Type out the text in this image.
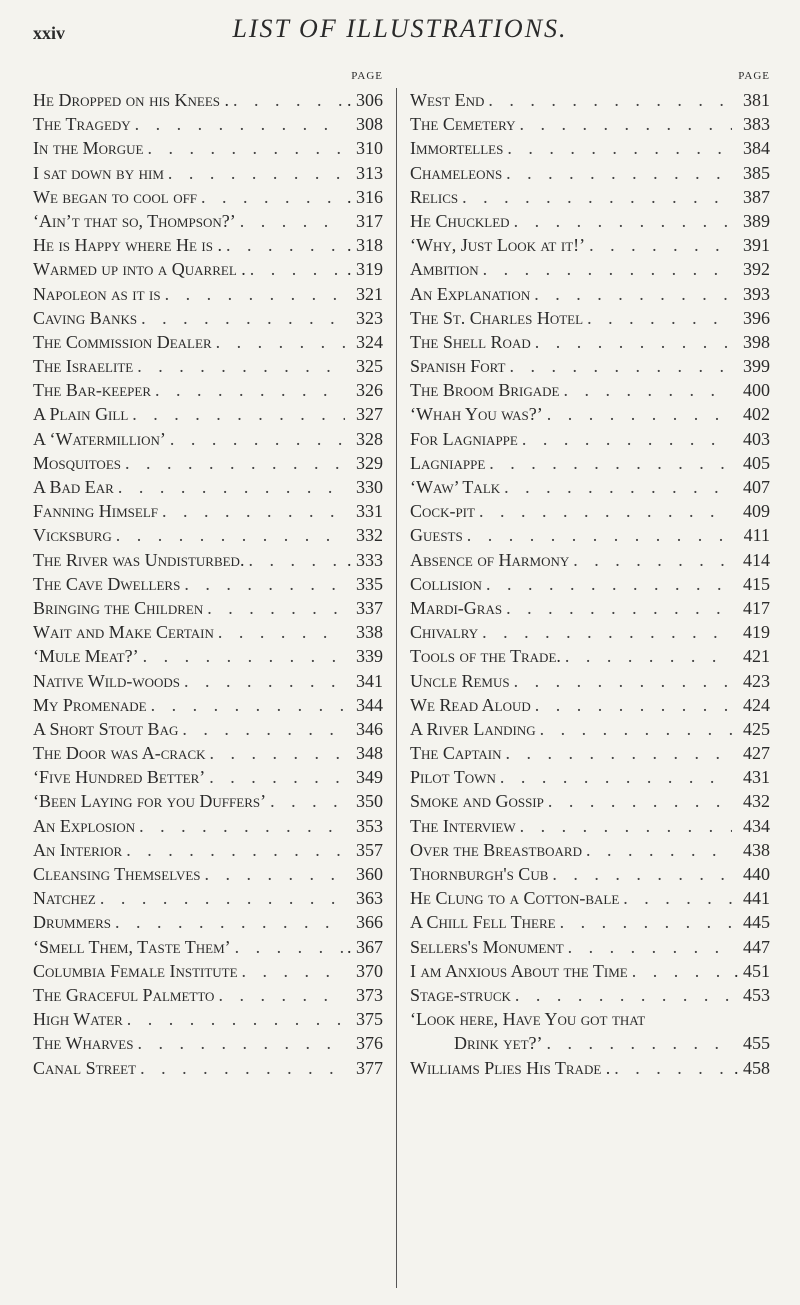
xxiv	LIST OF ILLUSTRATIONS.
PAGE
He Dropped on his Knees . . . .	. 306
The Tragedy . . .	308
In the Morgue . . .	310
I sat down by him . . .	313
We began to cool off . . .	. 316
‘Ain’t that so, Thompson?’ . . .	317
He is Happy where He is . . . .	. 318
Warmed up into a Quarrel . . . .	. 319
Napoleon as it is . . .	321
Caving Banks . . .	323
The Commission Dealer . . .	324
The Israelite . . .	325
The Bar-keeper . . .	326
A Plain Gill . . .	327
A ‘Watermillion’ . . .	328
Mosquitoes . . .	329
A Bad Ear . . .	330
Fanning Himself . . .	331
Vicksburg . . .	332
The River was Undisturbed. . . .	. 333
The Cave Dwellers . . .	335
Bringing the Children . . .	337
Wait and Make Certain . . .	338
‘Mule Meat?’ . . .	339
Native Wild-woods . . .	341
My Promenade . . .	344
A Short Stout Bag . . .	346
The Door was A-crack . . .	348
‘Five Hundred Better’ . . .	349
‘Been Laying for you Duffers’ . . .	350
An Explosion . . .	353
An Interior . . .	357
Cleansing Themselves . . .	360
Natchez . . .	363
Drummers . . .	366
‘Smell Them, Taste Them’ . . .	. 367
Columbia Female Institute . . .	370
The Graceful Palmetto . . .	373
High Water . . .	375
The Wharves . . .	376
Canal Street . . .	377
PAGE
West End . . .	381
The Cemetery . . .	383
Immortelles . . .	384
Chameleons . . .	385
Relics . . .	387
He Chuckled . . .	389
‘Why, Just Look at it!’ . . .	391
Ambition . . .	392
An Explanation . . .	393
The St. Charles Hotel . . .	396
The Shell Road . . .	398
Spanish Fort . . .	399
The Broom Brigade . . .	400
‘Whah You was?’ . . .	402
For Lagniappe . . .	403
Lagniappe . . .	405
‘Waw’ Talk . . .	407
Cock-pit . . .	409
Guests . . .	411
Absence of Harmony . . .	414
Collision . . .	415
Mardi-Gras . . .	417
Chivalry . . .	419
Tools of the Trade. . . .	421
Uncle Remus . . .	423
We Read Aloud . . .	424
A River Landing . . .	425
The Captain . . .	427
Pilot Town . . .	431
Smoke and Gossip . . .	432
The Interview . . .	434
Over the Breastboard . . .	438
Thornburgh's Cub . . .	440
He Clung to a Cotton-bale . . .	441
A Chill Fell There . . .	445
Sellers's Monument . . .	447
I am Anxious About the Time . . .	. 451
Stage-struck . . .	453
‘Look here, Have You got that
Drink yet?’ . . .	455
Williams Plies His Trade . . . .	. 458
